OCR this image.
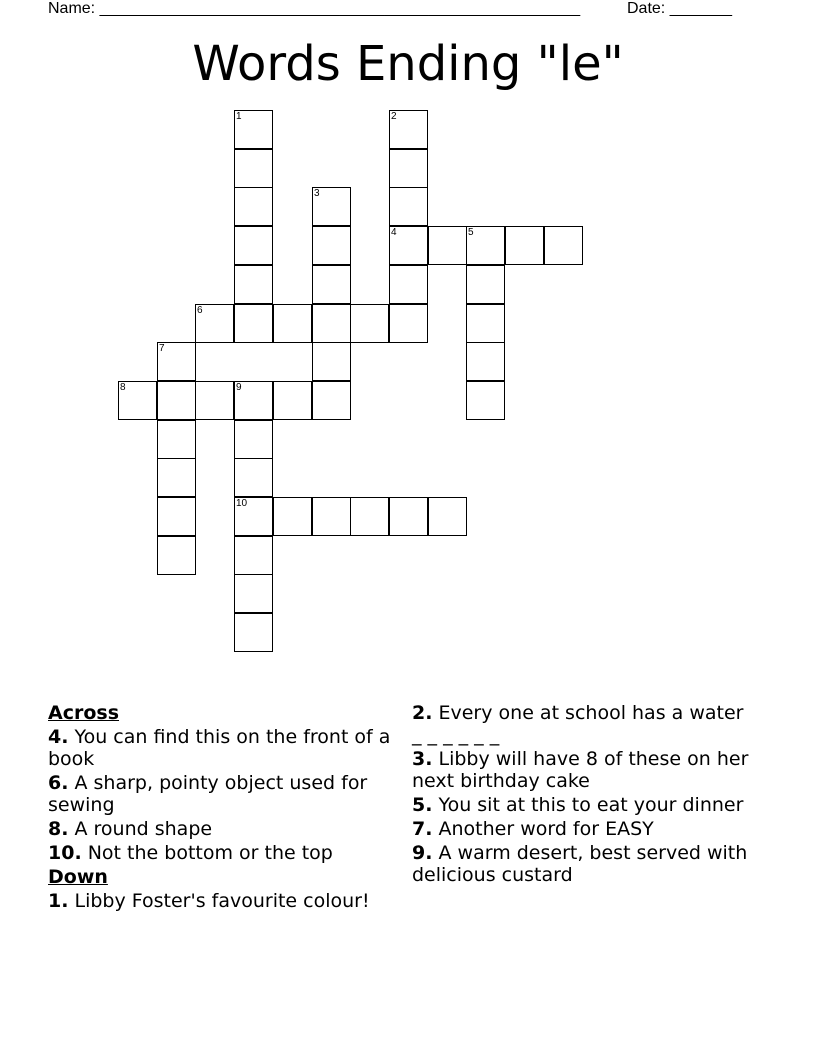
Name: ______________________________________________________	Date: _______
Words Ending "le"
1	2
3
4	5
6
7
8	9
10
Across
4. You can find this on the front of a book
6. A sharp, pointy object used for sewing
8. A round shape
10. Not the bottom or the top
Down
1. Libby Foster's favourite colour!
2. Every one at school has a water _ _ _ _ _ _
3. Libby will have 8 of these on her next birthday cake
5. You sit at this to eat your dinner
7. Another word for EASY
9. A warm desert, best served with delicious custard
